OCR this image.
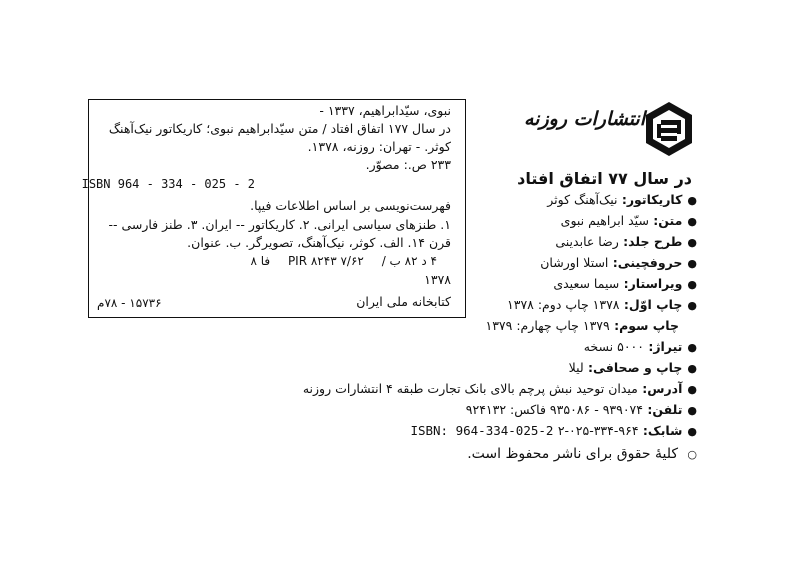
نبوی، سیّدابراهیم، ۱۳۳۷ -
در سال ۱۷۷ اتفاق افتاد / متن سیّدابراهیم نبوی؛ کاریکاتور نیک‌آهنگ
کوثر. - تهران: روزنه، ۱۳۷۸.
۲۳۳ ص.: مصوّر.
ISBN 964 - 334 - 025 - 2
فهرست‌نویسی بر اساس اطلاعات فیپا.
۱. طنزهای سیاسی ایرانی. ۲. کاریکاتور -- ایران. ۳. طنز فارسی --
قرن ۱۴. الف. کوثر، نیک‌آهنگ، تصویرگر. ب. عنوان.
۴ د ۸۲ ب / PIR ۸۲۴۳ ۷/۶۲ فا ۸
۱۳۷۸
کتابخانه ملی ایران
۱۵۷۳۶ - ۷۸م
انتشارات روزنه
در سال ۷۷ اتفاق افتاد
●کاریکاتور: نیک‌آهنگ کوثر
●متن: سیّد ابراهیم نبوی
●طرح جلد: رضا عابدینی
●حروفچینی: استلا اورشان
●ویراستار: سیما سعیدی
●چاپ اوّل: ۱۳۷۸ چاپ دوم: ۱۳۷۸
چاپ سوم: ۱۳۷۹ چاپ چهارم: ۱۳۷۹
●تیراژ: ۵۰۰۰ نسخه
●چاپ و صحافی: لیلا
●آدرس: میدان توحید نبش پرچم بالای بانک تجارت طبقه ۴ انتشارات روزنه
●تلفن: ۹۳۹۰۷۴ - ۹۳۵۰۸۶ فاکس: ۹۲۴۱۳۲
●شابک: ۹۶۴-۳۳۴-۰۲۵-۲ ISBN: 964-334-025-2
○ کلیهٔ حقوق برای ناشر محفوظ است.
